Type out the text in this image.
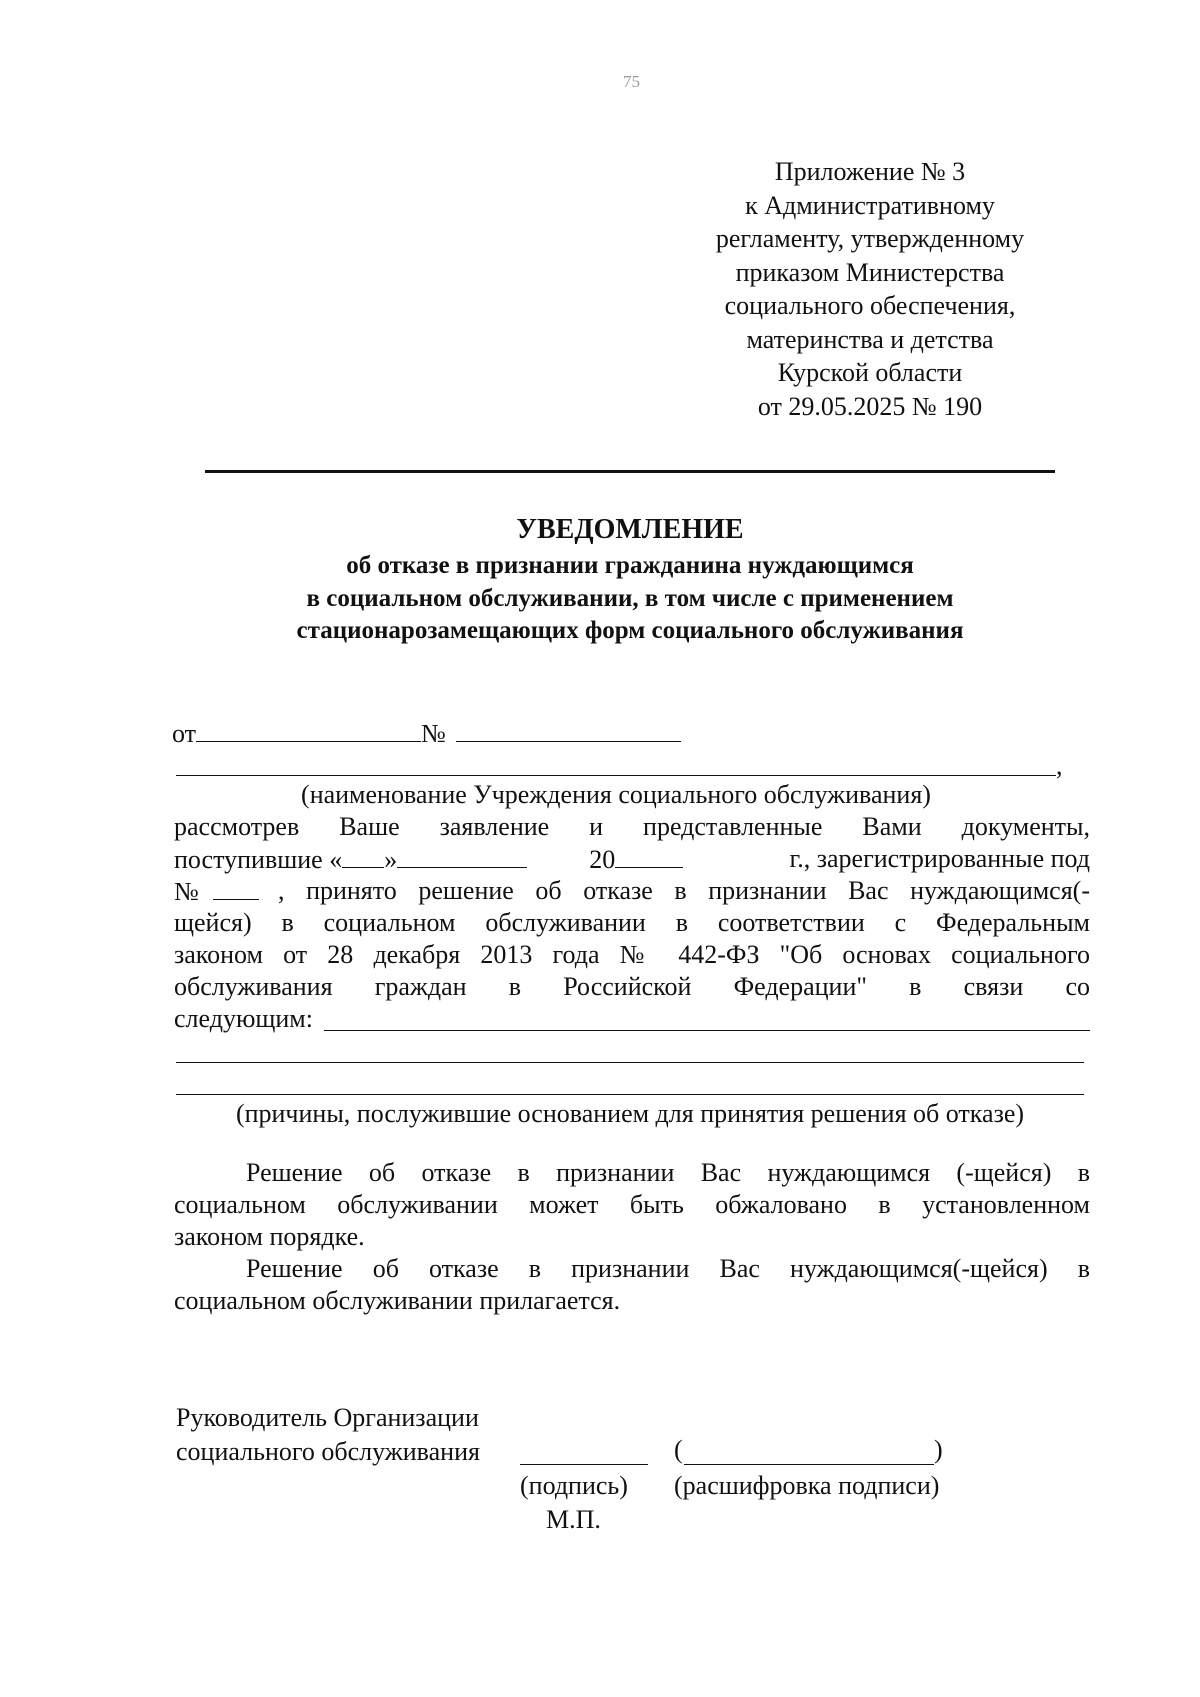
75
Приложение № 3
к Административному
регламенту, утвержденному
приказом Министерства
социального обеспечения,
материнства и детства
Курской области
от 29.05.2025 № 190
УВЕДОМЛЕНИЕ
об отказе в признании гражданина нуждающимся
в социальном обслуживании, в том числе с применением
стационарозамещающих форм социального обслуживания
от	№
,
(наименование Учреждения социального обслуживания)
рассмотрев Ваше заявление и представленные Вами документы,
поступившие « »	20	г., зарегистрированные под
№	, принято решение об отказе в признании Вас нуждающимся(-
щейся) в социальном обслуживании в соответствии с Федеральным
законом от 28 декабря 2013 года № 442-ФЗ "Об основах социального
обслуживания граждан в Российской Федерации" в связи со
следующим:
(причины, послужившие основанием для принятия решения об отказе)
Решение об отказе в признании Вас нуждающимся (-щейся) в
социальном обслуживании может быть обжаловано в установленном
законом порядке.
Решение об отказе в признании Вас нуждающимся(-щейся) в
социальном обслуживании прилагается.
Руководитель Организации
социального обслуживания	(	)
(подпись) (расшифровка подписи)
М.П.
